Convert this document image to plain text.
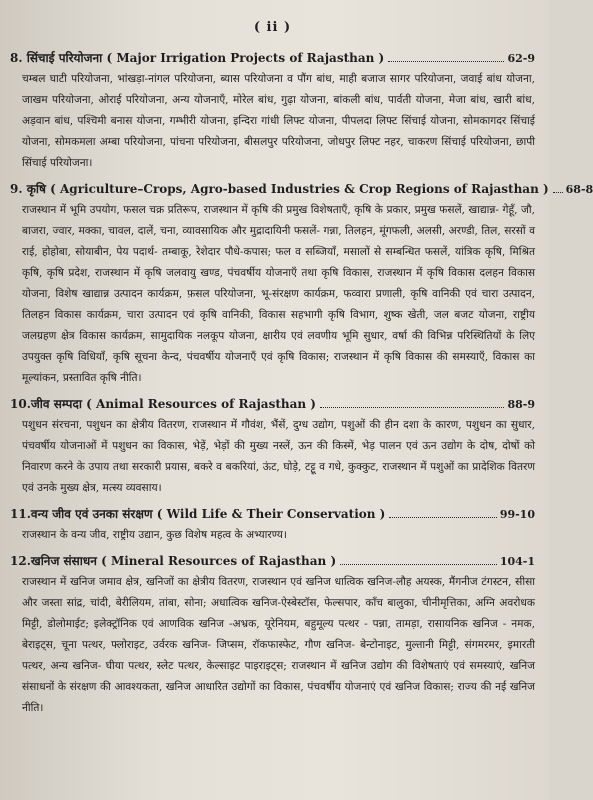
( ii )
8. सिंचाई परियोजना ( Major Irrigation Projects of Rajasthan )	62-9

चम्बल घाटी परियोजना, भांखड़ा-नांगल परियोजना, ब्यास परियोजना व पौंग बांध, माही बजाज सागर परियोजना, जवाई बांध योजना, जाखम परियोजना, ओराई परियोजना, अन्य योजनाएँ, मोरेल बांध, गुढ़ा योजना, बांकली बांध, पार्वती योजना, मेजा बांध, खारी बांध, अड़वान बांध, पश्चिमी बनास योजना, गम्भीरी योजना, इन्दिरा गांधी लिफ्ट योजना, पीपलदा लिफ्ट सिंचाई योजना, सोमकागदर सिंचाई योजना, सोमकमला अम्बा परियोजना, पांचना परियोजना, बीसलपुर परियोजना, जोधपुर लिफ्ट नहर, चाकरण सिंचाई परियोजना, छापी सिंचाई परियोजना।

9. कृषि ( Agriculture–Crops, Agro-based Industries & Crop Regions of Rajasthan ) 68-8

राजस्थान में भूमि उपयोग, फसल चक्र प्रतिरूप, राजस्थान में कृषि की प्रमुख विशेषताएँ, कृषि के प्रकार, प्रमुख फसलें, खाद्यान्न- गेहूँ, जौ, बाजरा, ज्वार, मक्का, चावल, दालें, चना, व्यावसायिक और मुद्रादायिनी फसलें- गन्ना, तिलहन, मूंगफली, अलसी, अरण्डी, तिल, सरसों व राई, होहोबा, सोयाबीन, पेय पदार्थ- तम्बाकू, रेशेदार पौधे-कपास; फल व सब्जियाँ, मसालों से सम्बन्धित फसलें, यांत्रिक कृषि, मिश्रित कृषि, कृषि प्रदेश, राजस्थान में कृषि जलवायु खण्ड, पंचवर्षीय योजनाएँ तथा कृषि विकास, राजस्थान में कृषि विकास दलहन विकास योजना, विशेष खाद्यान्न उत्पादन कार्यक्रम, फ़सल परियोजना, भू-संरक्षण कार्यक्रम, फव्वारा प्रणाली, कृषि वानिकी एवं चारा उत्पादन, तिलहन विकास कार्यक्रम, चारा उत्पादन एवं कृषि वानिकी, विकास सहभागी कृषि विभाग, शुष्क खेती, जल बजट योजना, राष्ट्रीय जलग्रहण क्षेत्र विकास कार्यक्रम, सामुदायिक नलकूप योजना, क्षारीय एवं लवणीय भूमि सुधार, वर्षा की विभिन्न परिस्थितियों के लिए उपयुक्त कृषि विधियाँ, कृषि सूचना केन्द, पंचवर्षीय योजनाएँ एवं कृषि विकास; राजस्थान में कृषि विकास की समस्याएँ, विकास का मूल्यांकन, प्रस्तावित कृषि नीति।

10.जीव सम्पदा ( Animal Resources of Rajasthan )	88-9

पशुधन संरचना, पशुधन का क्षेत्रीय वितरण, राजस्थान में गौवंश, भैंसें, दुग्ध उद्योग, पशुओं की हीन दशा के कारण, पशुधन का सुधार, पंचवर्षीय योजनाओं में पशुधन का विकास, भेड़ें, भेड़ों की मुख्य नस्लें, ऊन की किस्में, भेड़ पालन एवं ऊन उद्योग के दोष, दोषों को निवारण करने के उपाय तथा सरकारी प्रयास, बकरे व बकरियां, ऊंट, घोड़े, टट्टू व गधे, कुक्कुट, राजस्थान में पशुओं का प्रादेशिक वितरण एवं उनके मुख्य क्षेत्र, मत्स्य व्यवसाय।

11.वन्य जीव एवं उनका संरक्षण ( Wild Life & Their Conservation )	99-10

राजस्थान के वन्य जीव, राष्ट्रीय उद्यान, कुछ विशेष महत्व के अभ्यारण्य।

12.खनिज संसाधन ( Mineral Resources of Rajasthan )	104-1

राजस्थान में खनिज जमाव क्षेत्र, खनिजों का क्षेत्रीय वितरण, राजस्थान एवं खनिज धात्विक खनिज-लौह अयस्क, मैंगनीज टंगस्टन, सीसा और जस्ता सांद्र, चांदी, बेरीलियम, तांबा, सोना; अधात्विक खनिज-ऐस्बेस्टॉस, फेल्सपार, काँच बालुका, चीनीमृत्तिका, अग्नि अवरोधक मिट्टी, डोलोमाईट; इलेक्ट्रॉनिक एवं आणविक खनिज -अभ्रक, यूरेनियम, बहुमूल्य पत्थर - पन्ना, तामड़ा, रासायनिक खनिज - नमक, बेराइट्स, चूना पत्थर, फ्लोराइट, उर्वरक खनिज- जिप्सम, रॉकफास्फेट, गौण खनिज- बेन्टोनाइट, मुल्तानी मिट्टी, संगमरमर, इमारती पत्थर, अन्य खनिज- घीया पत्थर, स्लेट पत्थर, केल्साइट पाइराइट्स; राजस्थान में खनिज उद्योग की विशेषताएं एवं समस्याएं, खनिज संसाधनों के संरक्षण की आवश्यकता, खनिज आधारित उद्योगों का विकास, पंचवर्षीय योजनाएं एवं खनिज विकास; राज्य की नई खनिज नीति।
